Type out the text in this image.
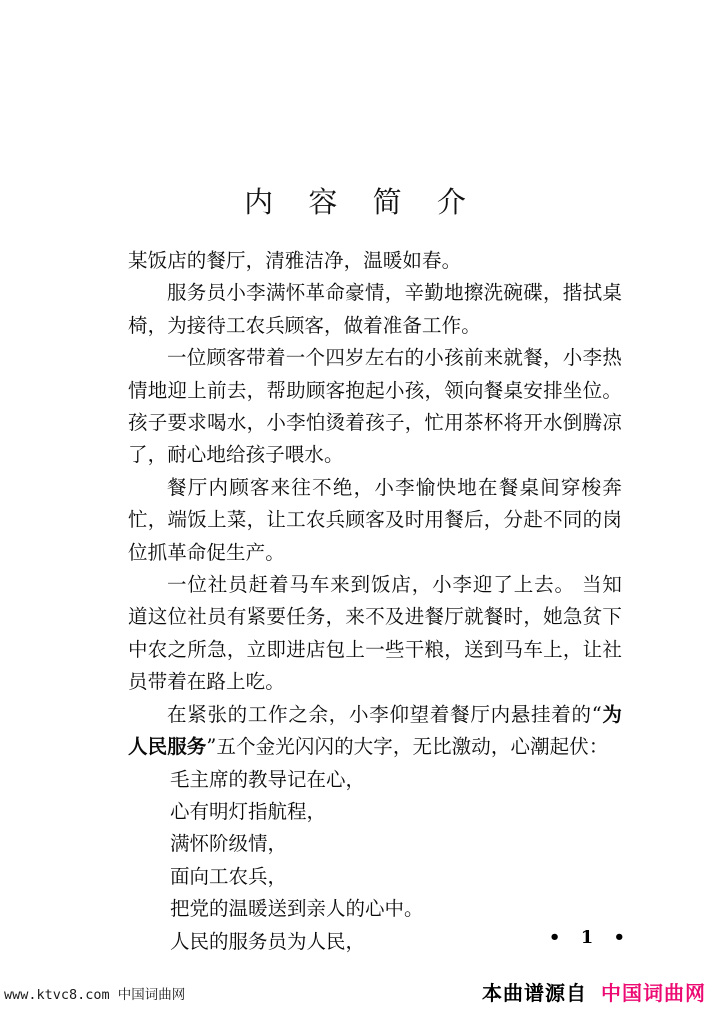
内 容 简 介

某饭店的餐厅，清雅洁净，温暖如春。

服务员小李满怀革命豪情，辛勤地擦洗碗碟，揩拭桌椅，为接待工农兵顾客，做着准备工作。

一位顾客带着一个四岁左右的小孩前来就餐，小李热情地迎上前去，帮助顾客抱起小孩，领向餐桌安排坐位。孩子要求喝水，小李怕烫着孩子，忙用茶杯将开水倒腾凉了，耐心地给孩子喂水。

餐厅内顾客来往不绝，小李愉快地在餐桌间穿梭奔忙，端饭上菜，让工农兵顾客及时用餐后，分赴不同的岗位抓革命促生产。

一位社员赶着马车来到饭店，小李迎了上去。 当知道这位社员有紧要任务，来不及进餐厅就餐时，她急贫下中农之所急，立即进店包上一些干粮，送到马车上，让社员带着在路上吃。

在紧张的工作之余，小李仰望着餐厅内悬挂着的“为人民服务”五个金光闪闪的大字，无比激动，心潮起伏：

毛主席的教导记在心，
心有明灯指航程，
满怀阶级情，
面向工农兵，
把党的温暖送到亲人的心中。
人民的服务员为人民，	• 1 •
www.ktvc8.com 中国词曲网	本曲谱源自 中国词曲网
